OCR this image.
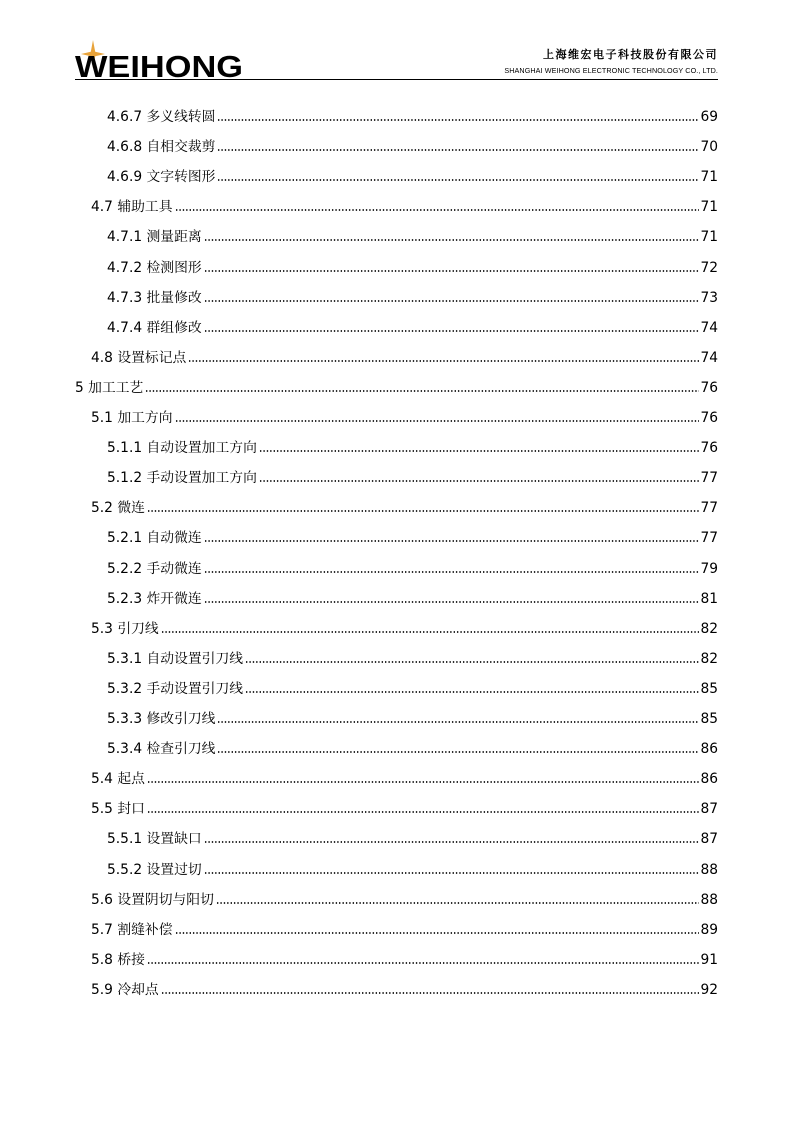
WEIHONG	上海维宏电子科技股份有限公司
SHANGHAI WEIHONG ELECTRONIC TECHNOLOGY CO., LTD.
4.6.7 多义线转圆	69
4.6.8 自相交裁剪	70
4.6.9 文字转图形	71
4.7 辅助工具	71
4.7.1 测量距离	71
4.7.2 检测图形	72
4.7.3 批量修改	73
4.7.4 群组修改	74
4.8 设置标记点	74
5 加工工艺	76
5.1 加工方向	76
5.1.1 自动设置加工方向	76
5.1.2 手动设置加工方向	77
5.2 微连	77
5.2.1 自动微连	77
5.2.2 手动微连	79
5.2.3 炸开微连	81
5.3 引刀线	82
5.3.1 自动设置引刀线	82
5.3.2 手动设置引刀线	85
5.3.3 修改引刀线	85
5.3.4 检查引刀线	86
5.4 起点	86
5.5 封口	87
5.5.1 设置缺口	87
5.5.2 设置过切	88
5.6 设置阴切与阳切	88
5.7 割缝补偿	89
5.8 桥接	91
5.9 冷却点	92
